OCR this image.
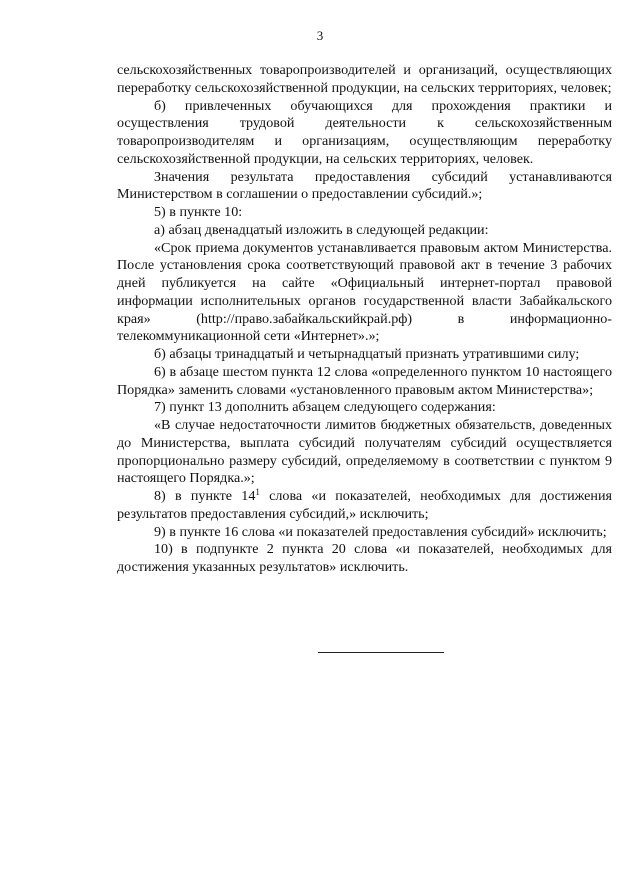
3

сельскохозяйственных товаропроизводителей и организаций, осуществляющих переработку сельскохозяйственной продукции, на сельских территориях, человек;

б) привлеченных обучающихся для прохождения практики и осуществления трудовой деятельности к сельскохозяйственным товаропроизводителям и организациям, осуществляющим переработку сельскохозяйственной продукции, на сельских территориях, человек.

Значения результата предоставления субсидий устанавливаются Министерством в соглашении о предоставлении субсидий.»;

5) в пункте 10:

а) абзац двенадцатый изложить в следующей редакции:

«Срок приема документов устанавливается правовым актом Министерства. После установления срока соответствующий правовой акт в течение 3 рабочих дней публикуется на сайте «Официальный интернет-портал правовой информации исполнительных органов государственной власти Забайкальского края» (http://право.забайкальскийкрай.рф) в информационно-телекоммуникационной сети «Интернет».»;

б) абзацы тринадцатый и четырнадцатый признать утратившими силу;

6) в абзаце шестом пункта 12 слова «определенного пунктом 10 настоящего Порядка» заменить словами «установленного правовым актом Министерства»;

7) пункт 13 дополнить абзацем следующего содержания:

«В случае недостаточности лимитов бюджетных обязательств, доведенных до Министерства, выплата субсидий получателям субсидий осуществляется пропорционально размеру субсидий, определяемому в соответствии с пунктом 9 настоящего Порядка.»;

8) в пункте $14^1$ слова «и показателей, необходимых для достижения результатов предоставления субсидий,» исключить;

9) в пункте 16 слова «и показателей предоставления субсидий» исключить;

10) в подпункте 2 пункта 20 слова «и показателей, необходимых для достижения указанных результатов» исключить.
